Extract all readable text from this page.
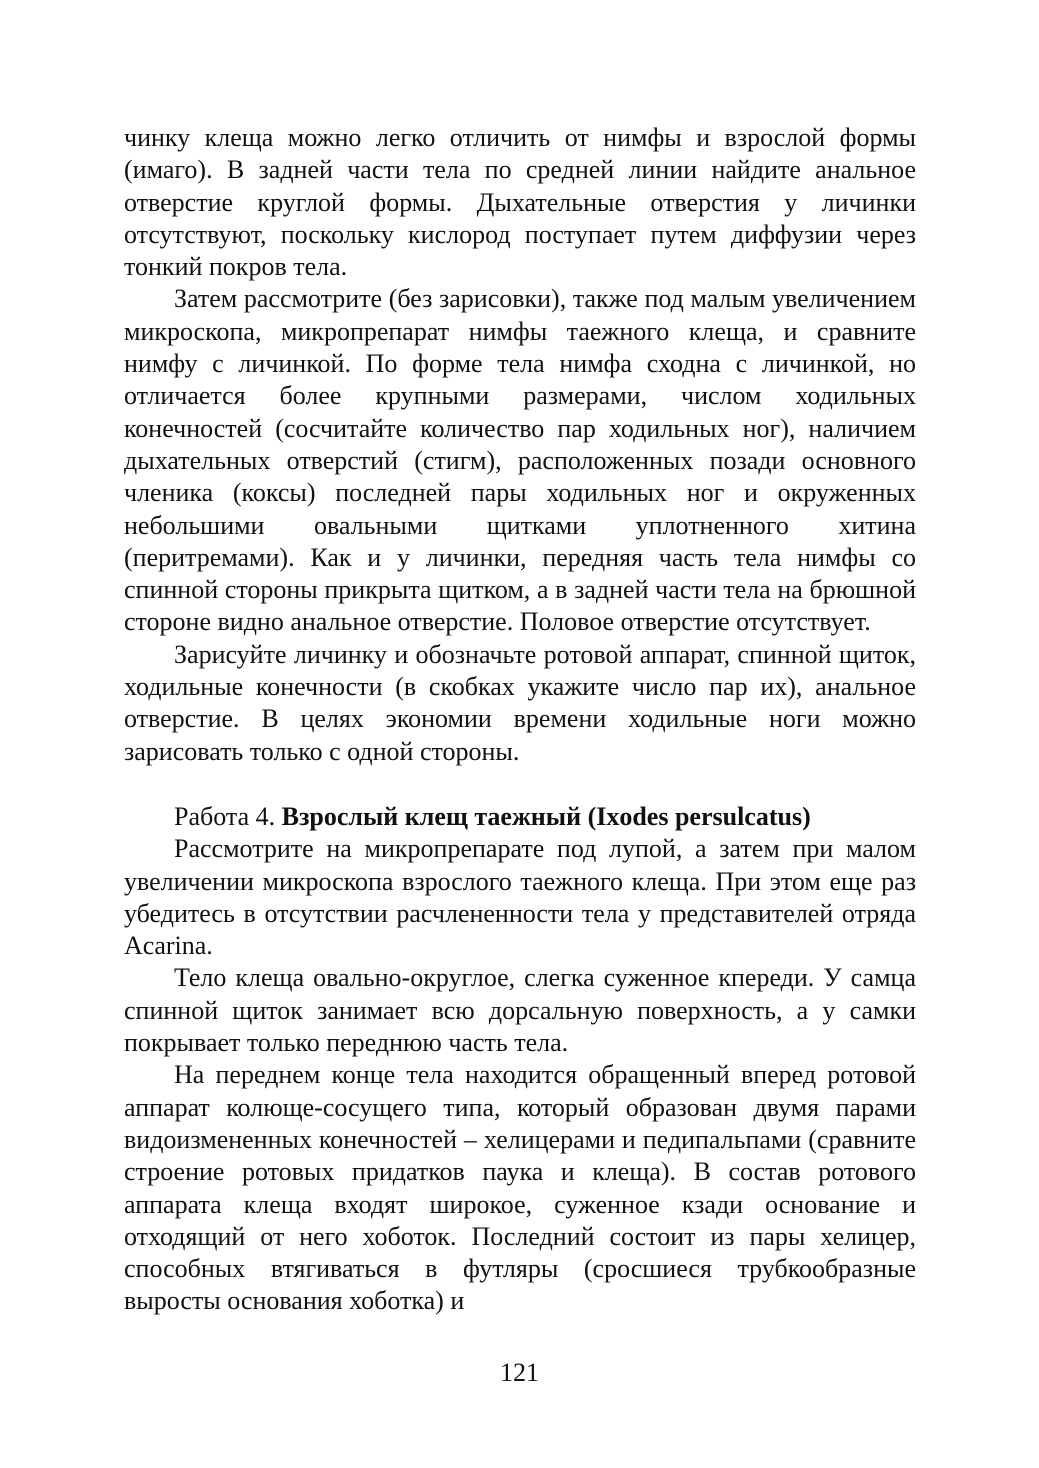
чинку клеща можно легко отличить от нимфы и взрослой формы (имаго). В задней части тела по средней линии найдите анальное отверстие круглой формы. Дыхательные отверстия у личинки отсутствуют, поскольку кислород поступает путем диффузии через тонкий покров тела.

Затем рассмотрите (без зарисовки), также под малым увеличением микроскопа, микропрепарат нимфы таежного клеща, и сравните нимфу с личинкой. По форме тела нимфа сходна с личинкой, но отличается более крупными размерами, числом ходильных конечностей (сосчитайте количество пар ходильных ног), наличием дыхательных отверстий (стигм), расположенных позади основного членика (коксы) последней пары ходильных ног и окруженных небольшими овальными щитками уплотненного хитина (перитремами). Как и у личинки, передняя часть тела нимфы со спинной стороны прикрыта щитком, а в задней части тела на брюшной стороне видно анальное отверстие. Половое отверстие отсутствует.

Зарисуйте личинку и обозначьте ротовой аппарат, спинной щиток, ходильные конечности (в скобках укажите число пар их), анальное отверстие. В целях экономии времени ходильные ноги можно зарисовать только с одной стороны.

Работа 4. Взрослый клещ таежный (Ixodes persulcatus)

Рассмотрите на микропрепарате под лупой, а затем при малом увеличении микроскопа взрослого таежного клеща. При этом еще раз убедитесь в отсутствии расчлененности тела у представителей отряда Acarina.

Тело клеща овально-округлое, слегка суженное кпереди. У самца спинной щиток занимает всю дорсальную поверхность, а у самки покрывает только переднюю часть тела.

На переднем конце тела находится обращенный вперед ротовой аппарат колюще-сосущего типа, который образован двумя парами видоизмененных конечностей – хелицерами и педипальпами (сравните строение ротовых придатков паука и клеща). В состав ротового аппарата клеща входят широкое, суженное кзади основание и отходящий от него хоботок. Последний состоит из пары хелицер, способных втягиваться в футляры (сросшиеся трубкообразные выросты основания хоботка) и

121
